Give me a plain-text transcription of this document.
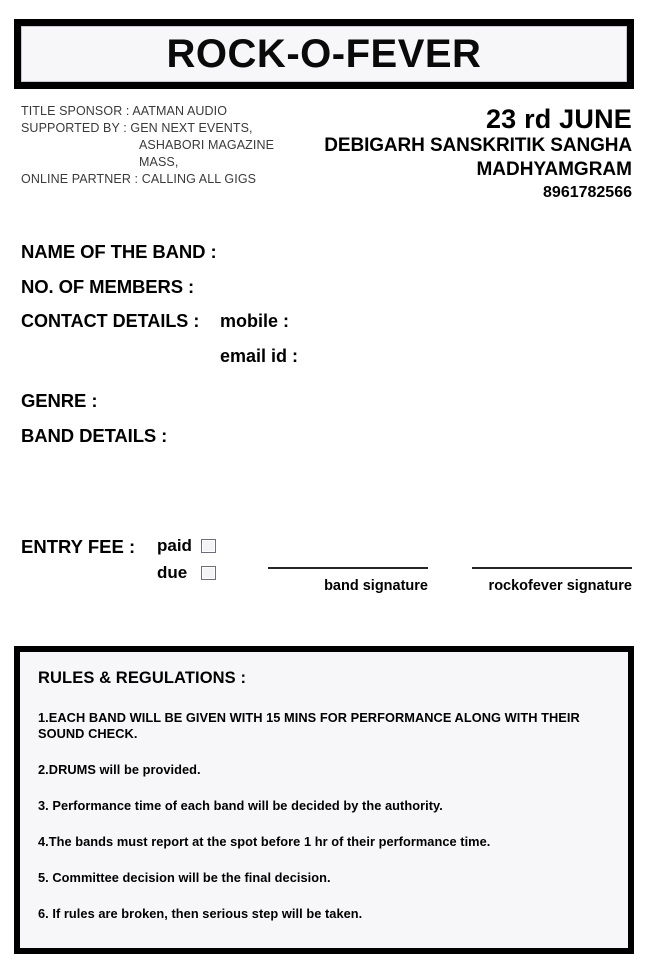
ROCK-O-FEVER
TITLE SPONSOR : AATMAN AUDIO
SUPPORTED BY : GEN NEXT EVENTS,
ASHABORI MAGAZINE
MASS,
ONLINE PARTNER : CALLING ALL GIGS
23 rd JUNE
DEBIGARH SANSKRITIK SANGHA
MADHYAMGRAM
8961782566
NAME OF THE BAND :
NO. OF MEMBERS :
CONTACT DETAILS :	mobile :
email id :
GENRE :
BAND DETAILS :
ENTRY FEE : paid
due
band signature	rockofever signature
RULES & REGULATIONS :
1.EACH BAND WILL BE GIVEN WITH 15 MINS FOR PERFORMANCE ALONG WITH THEIR SOUND CHECK.
2.DRUMS will be provided.
3. Performance time of each band will be decided by the authority.
4.The bands must report at the spot before 1 hr of their performance time.
5. Committee decision will be the final decision.
6. If rules are broken, then serious step will be taken.
